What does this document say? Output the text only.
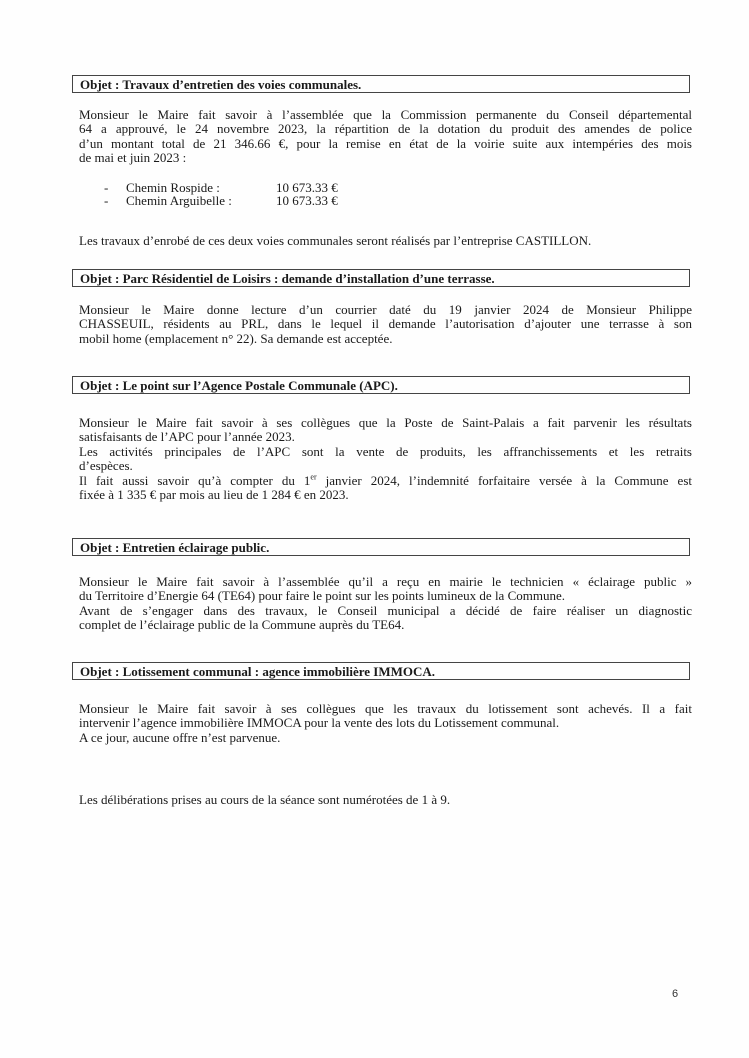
Objet : Travaux d’entretien des voies communales.
Monsieur le Maire fait savoir à l’assemblée que la Commission permanente du Conseil départemental
64 a approuvé, le 24 novembre 2023, la répartition de la dotation du produit des amendes de police
d’un montant total de 21 346.66 €, pour la remise en état de la voirie suite aux intempéries des mois
de mai et juin 2023 :
-	Chemin Rospide :	10 673.33 €
-	Chemin Arguibelle :	10 673.33 €
Les travaux d’enrobé de ces deux voies communales seront réalisés par l’entreprise CASTILLON.
Objet : Parc Résidentiel de Loisirs : demande d’installation d’une terrasse.
Monsieur le Maire donne lecture d’un courrier daté du 19 janvier 2024 de Monsieur Philippe
CHASSEUIL, résidents au PRL, dans le lequel il demande l’autorisation d’ajouter une terrasse à son
mobil home (emplacement n° 22). Sa demande est acceptée.
Objet : Le point sur l’Agence Postale Communale (APC).
Monsieur le Maire fait savoir à ses collègues que la Poste de Saint-Palais a fait parvenir les résultats
satisfaisants de l’APC pour l’année 2023.
Les activités principales de l’APC sont la vente de produits, les affranchissements et les retraits
d’espèces.
Il fait aussi savoir qu’à compter du 1er janvier 2024, l’indemnité forfaitaire versée à la Commune est
fixée à 1 335 € par mois au lieu de 1 284 € en 2023.
Objet : Entretien éclairage public.
Monsieur le Maire fait savoir à l’assemblée qu’il a reçu en mairie le technicien « éclairage public »
du Territoire d’Energie 64 (TE64) pour faire le point sur les points lumineux de la Commune.
Avant de s’engager dans des travaux, le Conseil municipal a décidé de faire réaliser un diagnostic
complet de l’éclairage public de la Commune auprès du TE64.
Objet : Lotissement communal : agence immobilière IMMOCA.
Monsieur le Maire fait savoir à ses collègues que les travaux du lotissement sont achevés. Il a fait
intervenir l’agence immobilière IMMOCA pour la vente des lots du Lotissement communal.
A ce jour, aucune offre n’est parvenue.
Les délibérations prises au cours de la séance sont numérotées de 1 à 9.
6
